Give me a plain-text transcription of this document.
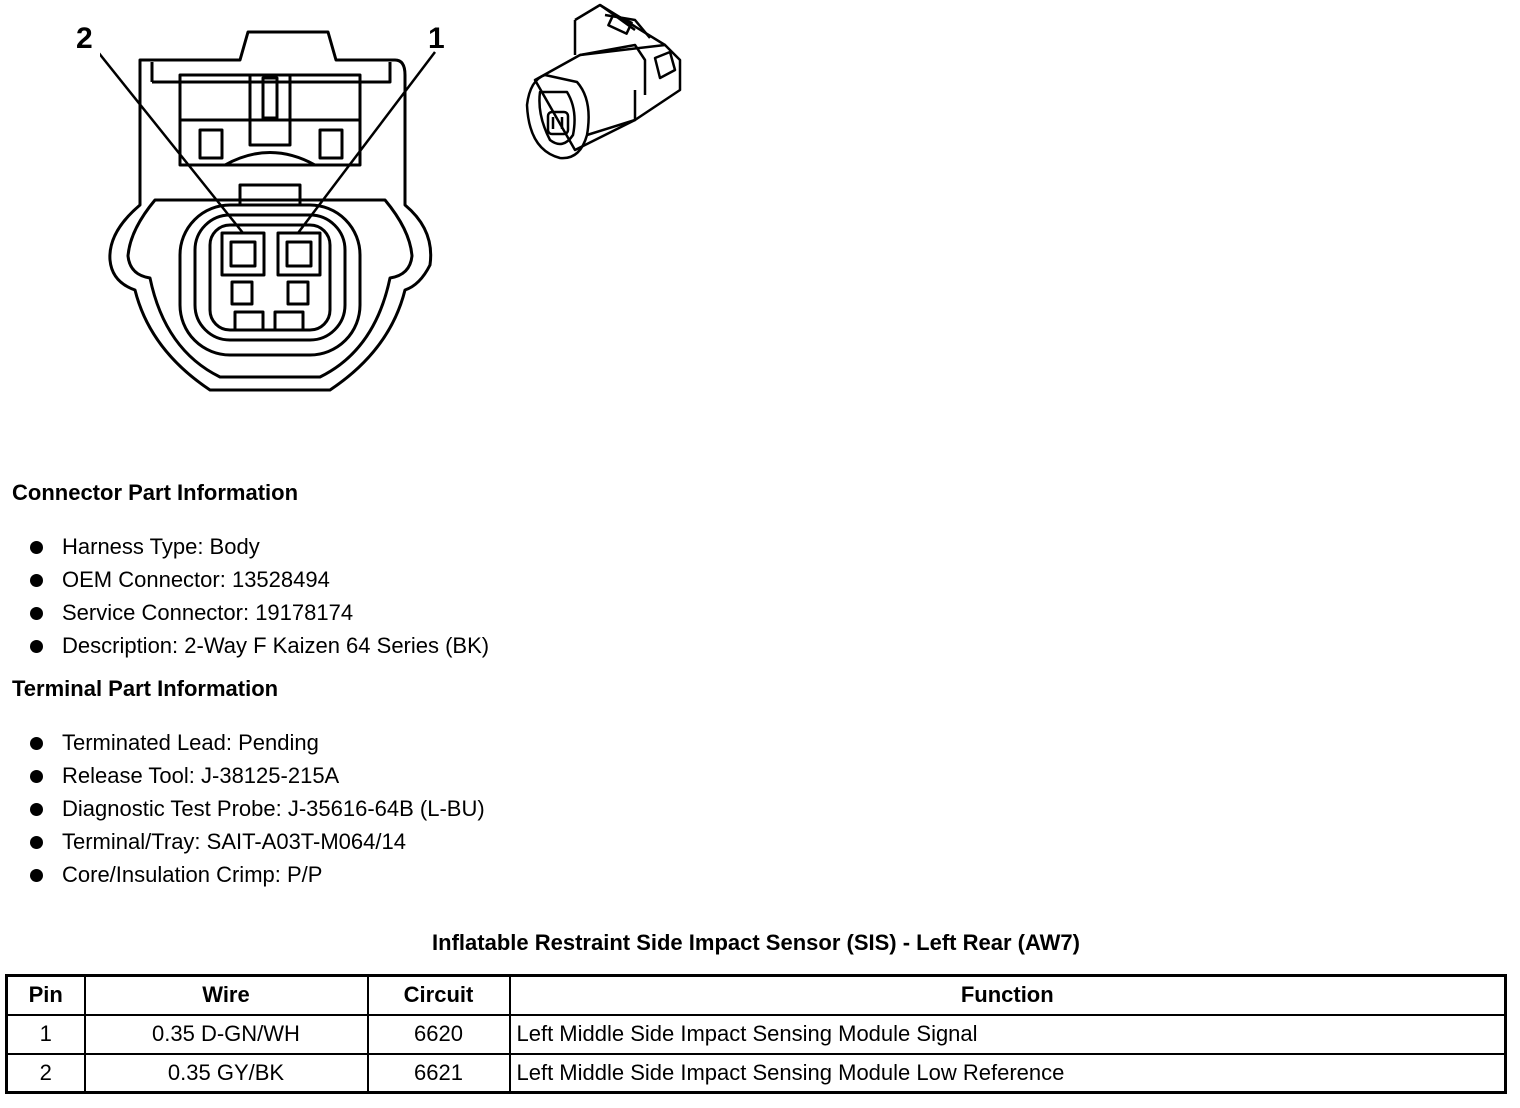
2	1
Connector Part Information
Harness Type: Body
OEM Connector: 13528494
Service Connector: 19178174
Description: 2-Way F Kaizen 64 Series (BK)
Terminal Part Information
Terminated Lead: Pending
Release Tool: J-38125-215A
Diagnostic Test Probe: J-35616-64B (L-BU)
Terminal/Tray: SAIT-A03T-M064/14
Core/Insulation Crimp: P/P
Inflatable Restraint Side Impact Sensor (SIS) - Left Rear (AW7)
Pin	Wire	Circuit	Function
1	0.35 D-GN/WH	6620	Left Middle Side Impact Sensing Module Signal
2	0.35 GY/BK	6621	Left Middle Side Impact Sensing Module Low Reference
